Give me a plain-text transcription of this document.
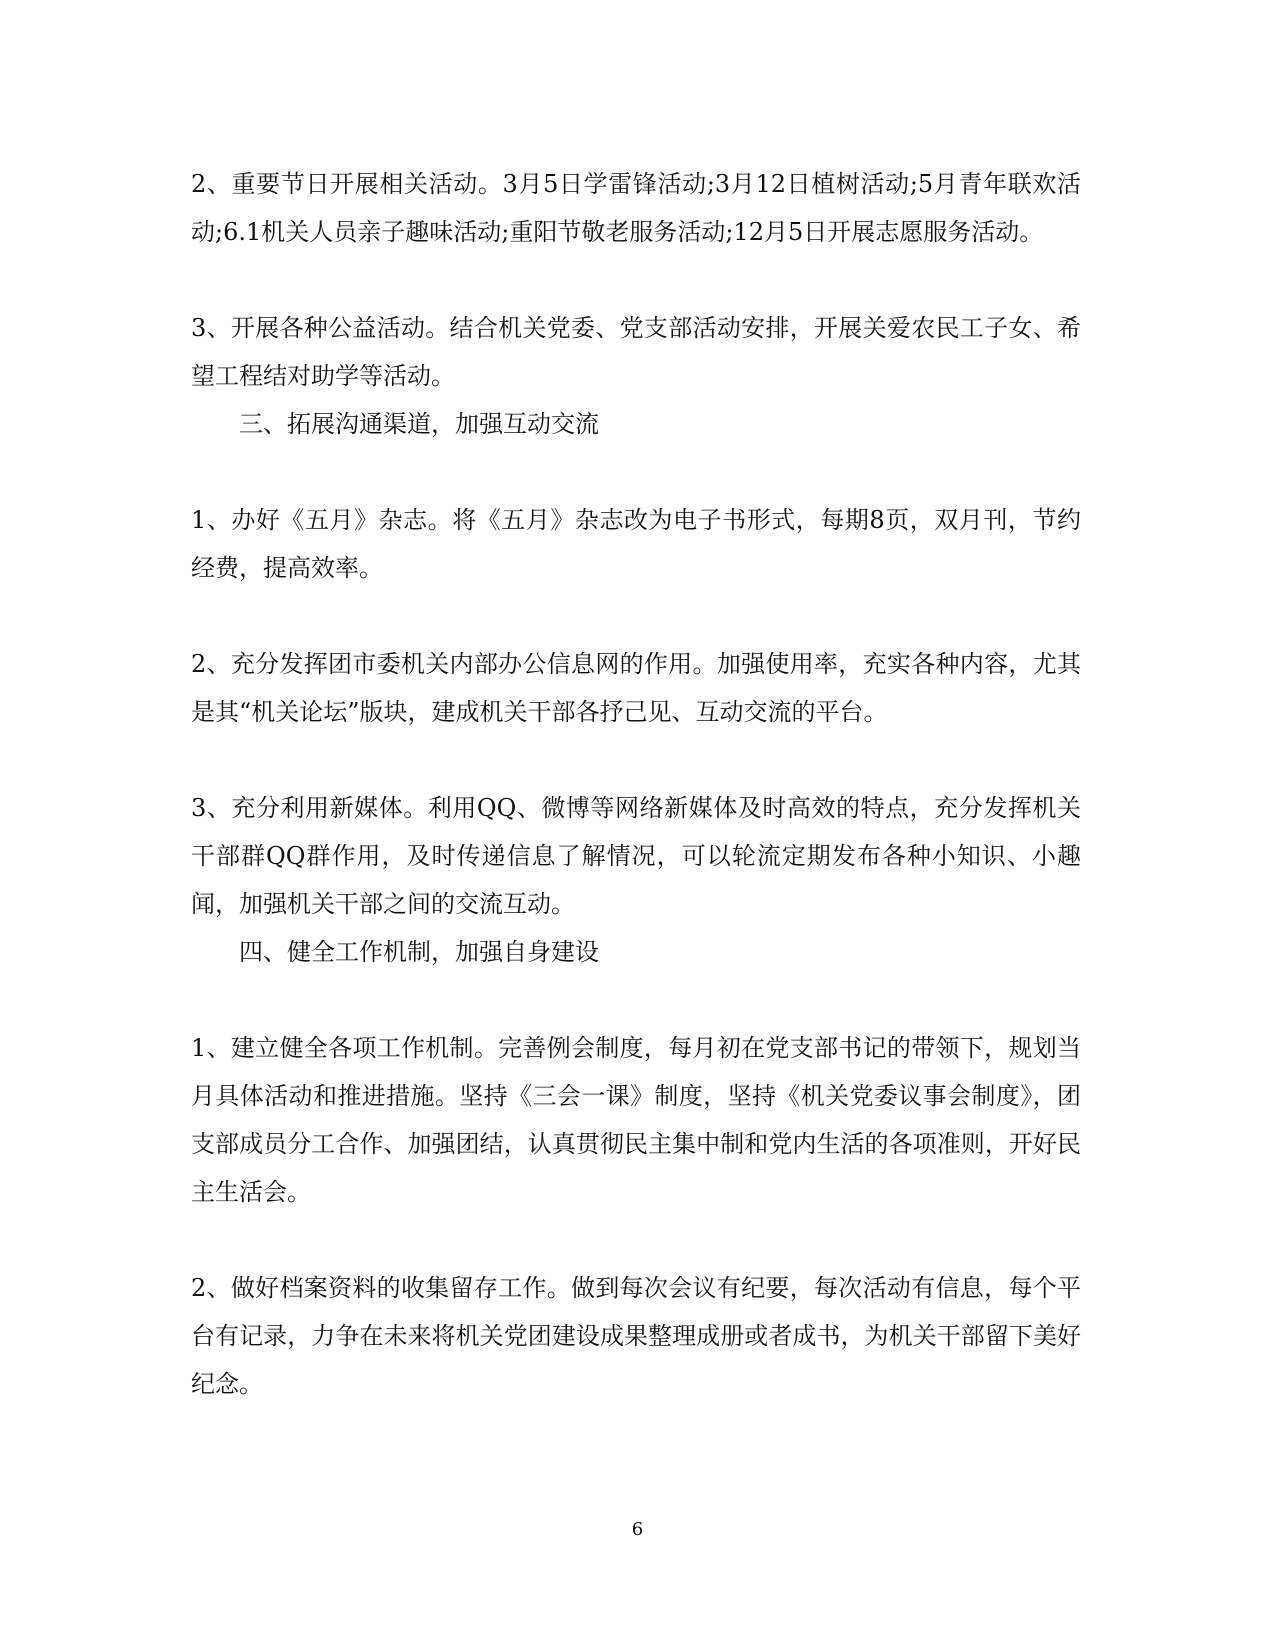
2、重要节日开展相关活动。3月5日学雷锋活动;3月12日植树活动;5月青年联欢活动;6.1机关人员亲子趣味活动;重阳节敬老服务活动;12月5日开展志愿服务活动。

3、开展各种公益活动。结合机关党委、党支部活动安排，开展关爱农民工子女、希望工程结对助学等活动。

三、拓展沟通渠道，加强互动交流

1、办好《五月》杂志。将《五月》杂志改为电子书形式，每期8页，双月刊，节约经费，提高效率。

2、充分发挥团市委机关内部办公信息网的作用。加强使用率，充实各种内容，尤其是其“机关论坛”版块，建成机关干部各抒己见、互动交流的平台。

3、充分利用新媒体。利用QQ、微博等网络新媒体及时高效的特点，充分发挥机关干部群QQ群作用，及时传递信息了解情况，可以轮流定期发布各种小知识、小趣闻，加强机关干部之间的交流互动。

四、健全工作机制，加强自身建设

1、建立健全各项工作机制。完善例会制度，每月初在党支部书记的带领下，规划当月具体活动和推进措施。坚持《三会一课》制度，坚持《机关党委议事会制度》，团支部成员分工合作、加强团结，认真贯彻民主集中制和党内生活的各项准则，开好民主生活会。

2、做好档案资料的收集留存工作。做到每次会议有纪要，每次活动有信息，每个平台有记录，力争在未来将机关党团建设成果整理成册或者成书，为机关干部留下美好纪念。

6
